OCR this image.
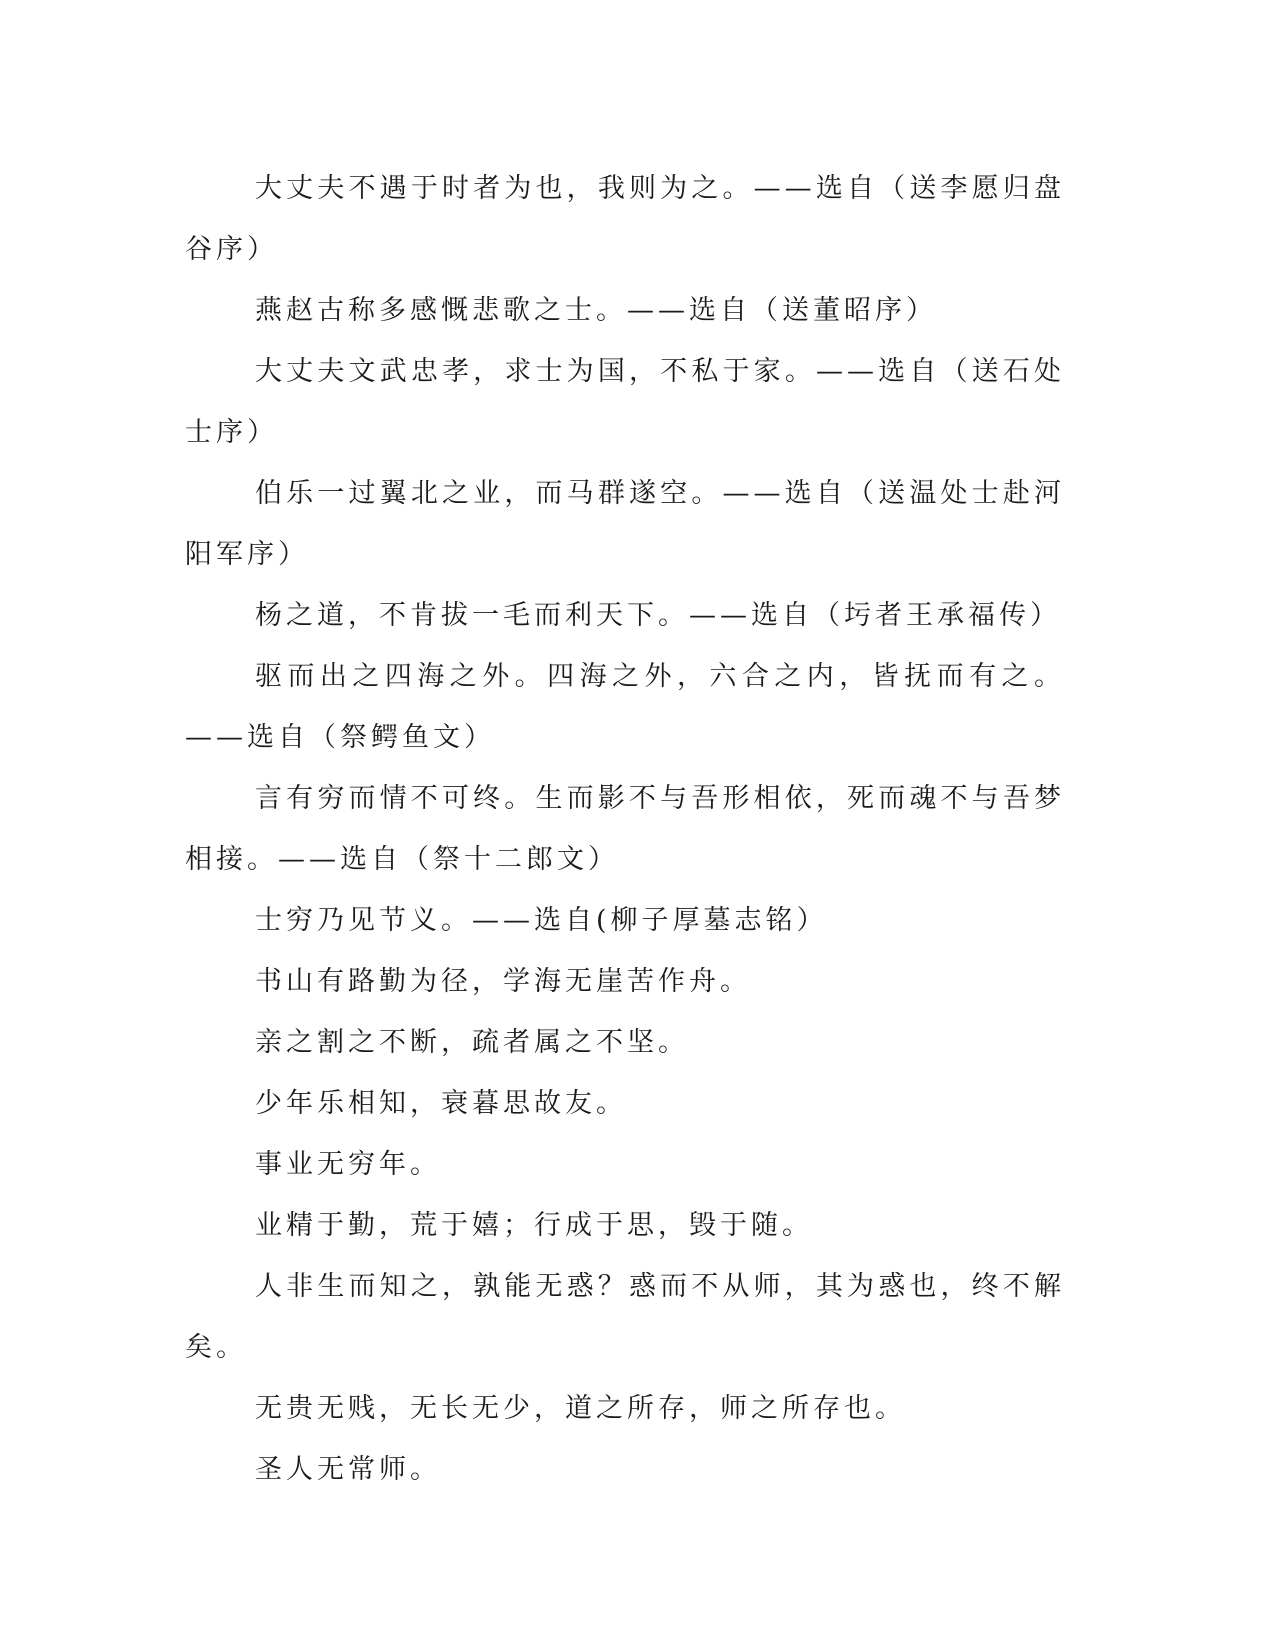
大丈夫不遇于时者为也，我则为之。——选自（送李愿归盘谷序）

燕赵古称多感慨悲歌之士。——选自（送董昭序）

大丈夫文武忠孝，求士为国，不私于家。——选自（送石处士序）

伯乐一过翼北之业，而马群遂空。——选自（送温处士赴河阳军序）

杨之道，不肯拔一毛而利天下。——选自（圬者王承福传）

驱而出之四海之外。四海之外，六合之内，皆抚而有之。——选自（祭鳄鱼文）

言有穷而情不可终。生而影不与吾形相依，死而魂不与吾梦相接。——选自（祭十二郎文）

士穷乃见节义。——选自(柳子厚墓志铭）

书山有路勤为径，学海无崖苦作舟。

亲之割之不断，疏者属之不坚。

少年乐相知，衰暮思故友。

事业无穷年。

业精于勤，荒于嬉；行成于思，毁于随。

人非生而知之，孰能无惑？惑而不从师，其为惑也，终不解矣。

无贵无贱，无长无少，道之所存，师之所存也。

圣人无常师。
